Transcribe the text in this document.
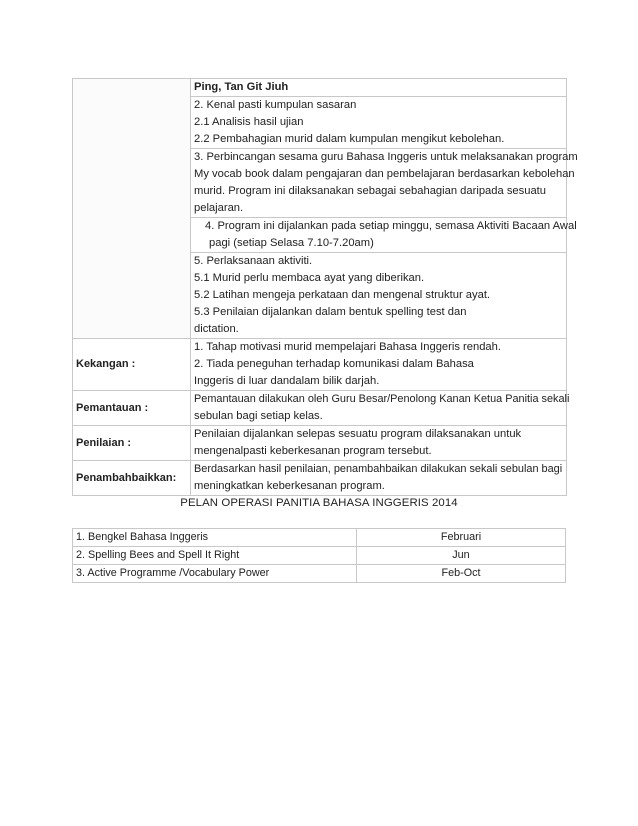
	Ping, Tan Git Jiuh

	2. Kenal pasti kumpulan sasaran
2.1 Analisis hasil ujian
2.2 Pembahagian murid dalam kumpulan mengikut kebolehan.

	3. Perbincangan sesama guru Bahasa Inggeris untuk melaksanakan program
My vocab book dalam pengajaran dan pembelajaran berdasarkan kebolehan
murid. Program ini dilaksanakan sebagai sebahagian daripada sesuatu
pelajaran.

	4. Program ini dijalankan pada setiap minggu, semasa Aktiviti Bacaan Awal
pagi (setiap Selasa 7.10-7.20am)

	5. Perlaksanaan aktiviti.
5.1 Murid perlu membaca ayat yang diberikan.
5.2 Latihan mengeja perkataan dan mengenal struktur ayat.
5.3 Penilaian dijalankan dalam bentuk spelling test dan
dictation.

Kekangan :	1. Tahap motivasi murid mempelajari Bahasa Inggeris rendah.
2. Tiada peneguhan terhadap komunikasi dalam Bahasa
Inggeris di luar dandalam bilik darjah.

Pemantauan :	Pemantauan dilakukan oleh Guru Besar/Penolong Kanan Ketua Panitia sekali
sebulan bagi setiap kelas.

Penilaian :	Penilaian dijalankan selepas sesuatu program dilaksanakan untuk
mengenalpasti keberkesanan program tersebut.

Penambahbaikkan:	Berdasarkan hasil penilaian, penambahbaikan dilakukan sekali sebulan bagi
meningkatkan keberkesanan program.
PELAN OPERASI PANITIA BAHASA INGGERIS 2014
1. Bengkel Bahasa Inggeris	Februari
2. Spelling Bees and Spell It Right	Jun
3. Active Programme /Vocabulary Power	Feb-Oct
